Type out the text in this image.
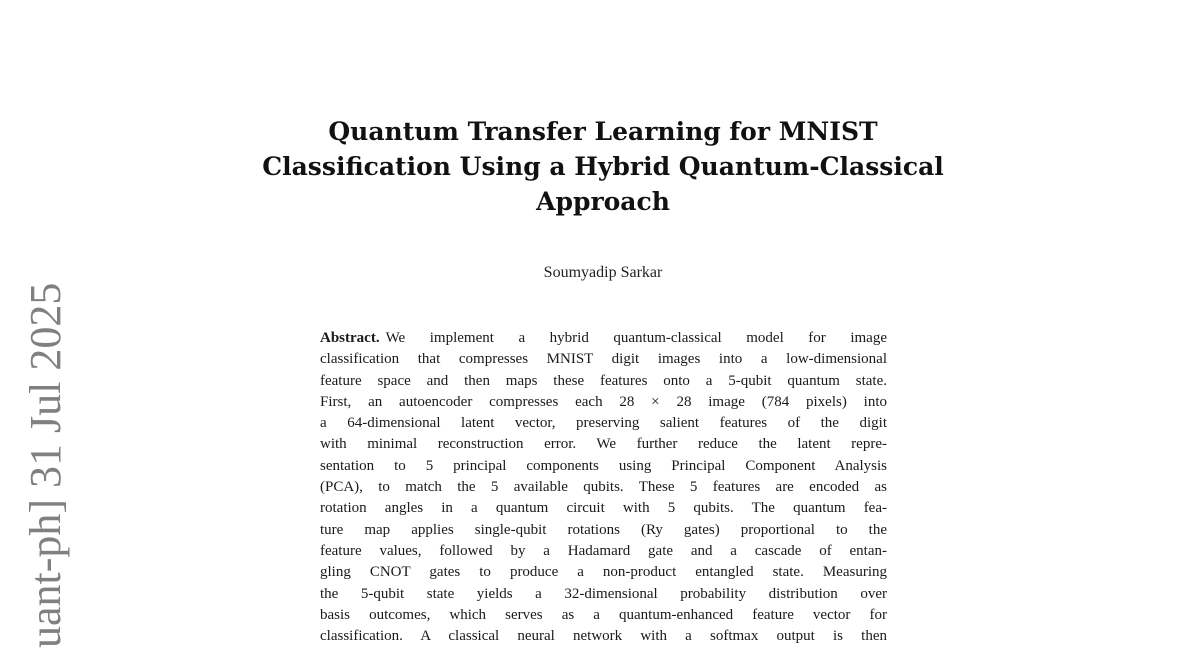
uant-ph] 31 Jul 2025
Quantum Transfer Learning for MNIST
Classification Using a Hybrid Quantum-Classical
Approach
Soumyadip Sarkar
Abstract. We implement a hybrid quantum-classical model for image
classification that compresses MNIST digit images into a low-dimensional
feature space and then maps these features onto a 5-qubit quantum state.
First, an autoencoder compresses each 28 × 28 image (784 pixels) into
a 64-dimensional latent vector, preserving salient features of the digit
with minimal reconstruction error. We further reduce the latent repre-
sentation to 5 principal components using Principal Component Analysis
(PCA), to match the 5 available qubits. These 5 features are encoded as
rotation angles in a quantum circuit with 5 qubits. The quantum fea-
ture map applies single-qubit rotations (Ry gates) proportional to the
feature values, followed by a Hadamard gate and a cascade of entan-
gling CNOT gates to produce a non-product entangled state. Measuring
the 5-qubit state yields a 32-dimensional probability distribution over
basis outcomes, which serves as a quantum-enhanced feature vector for
classification. A classical neural network with a softmax output is then
